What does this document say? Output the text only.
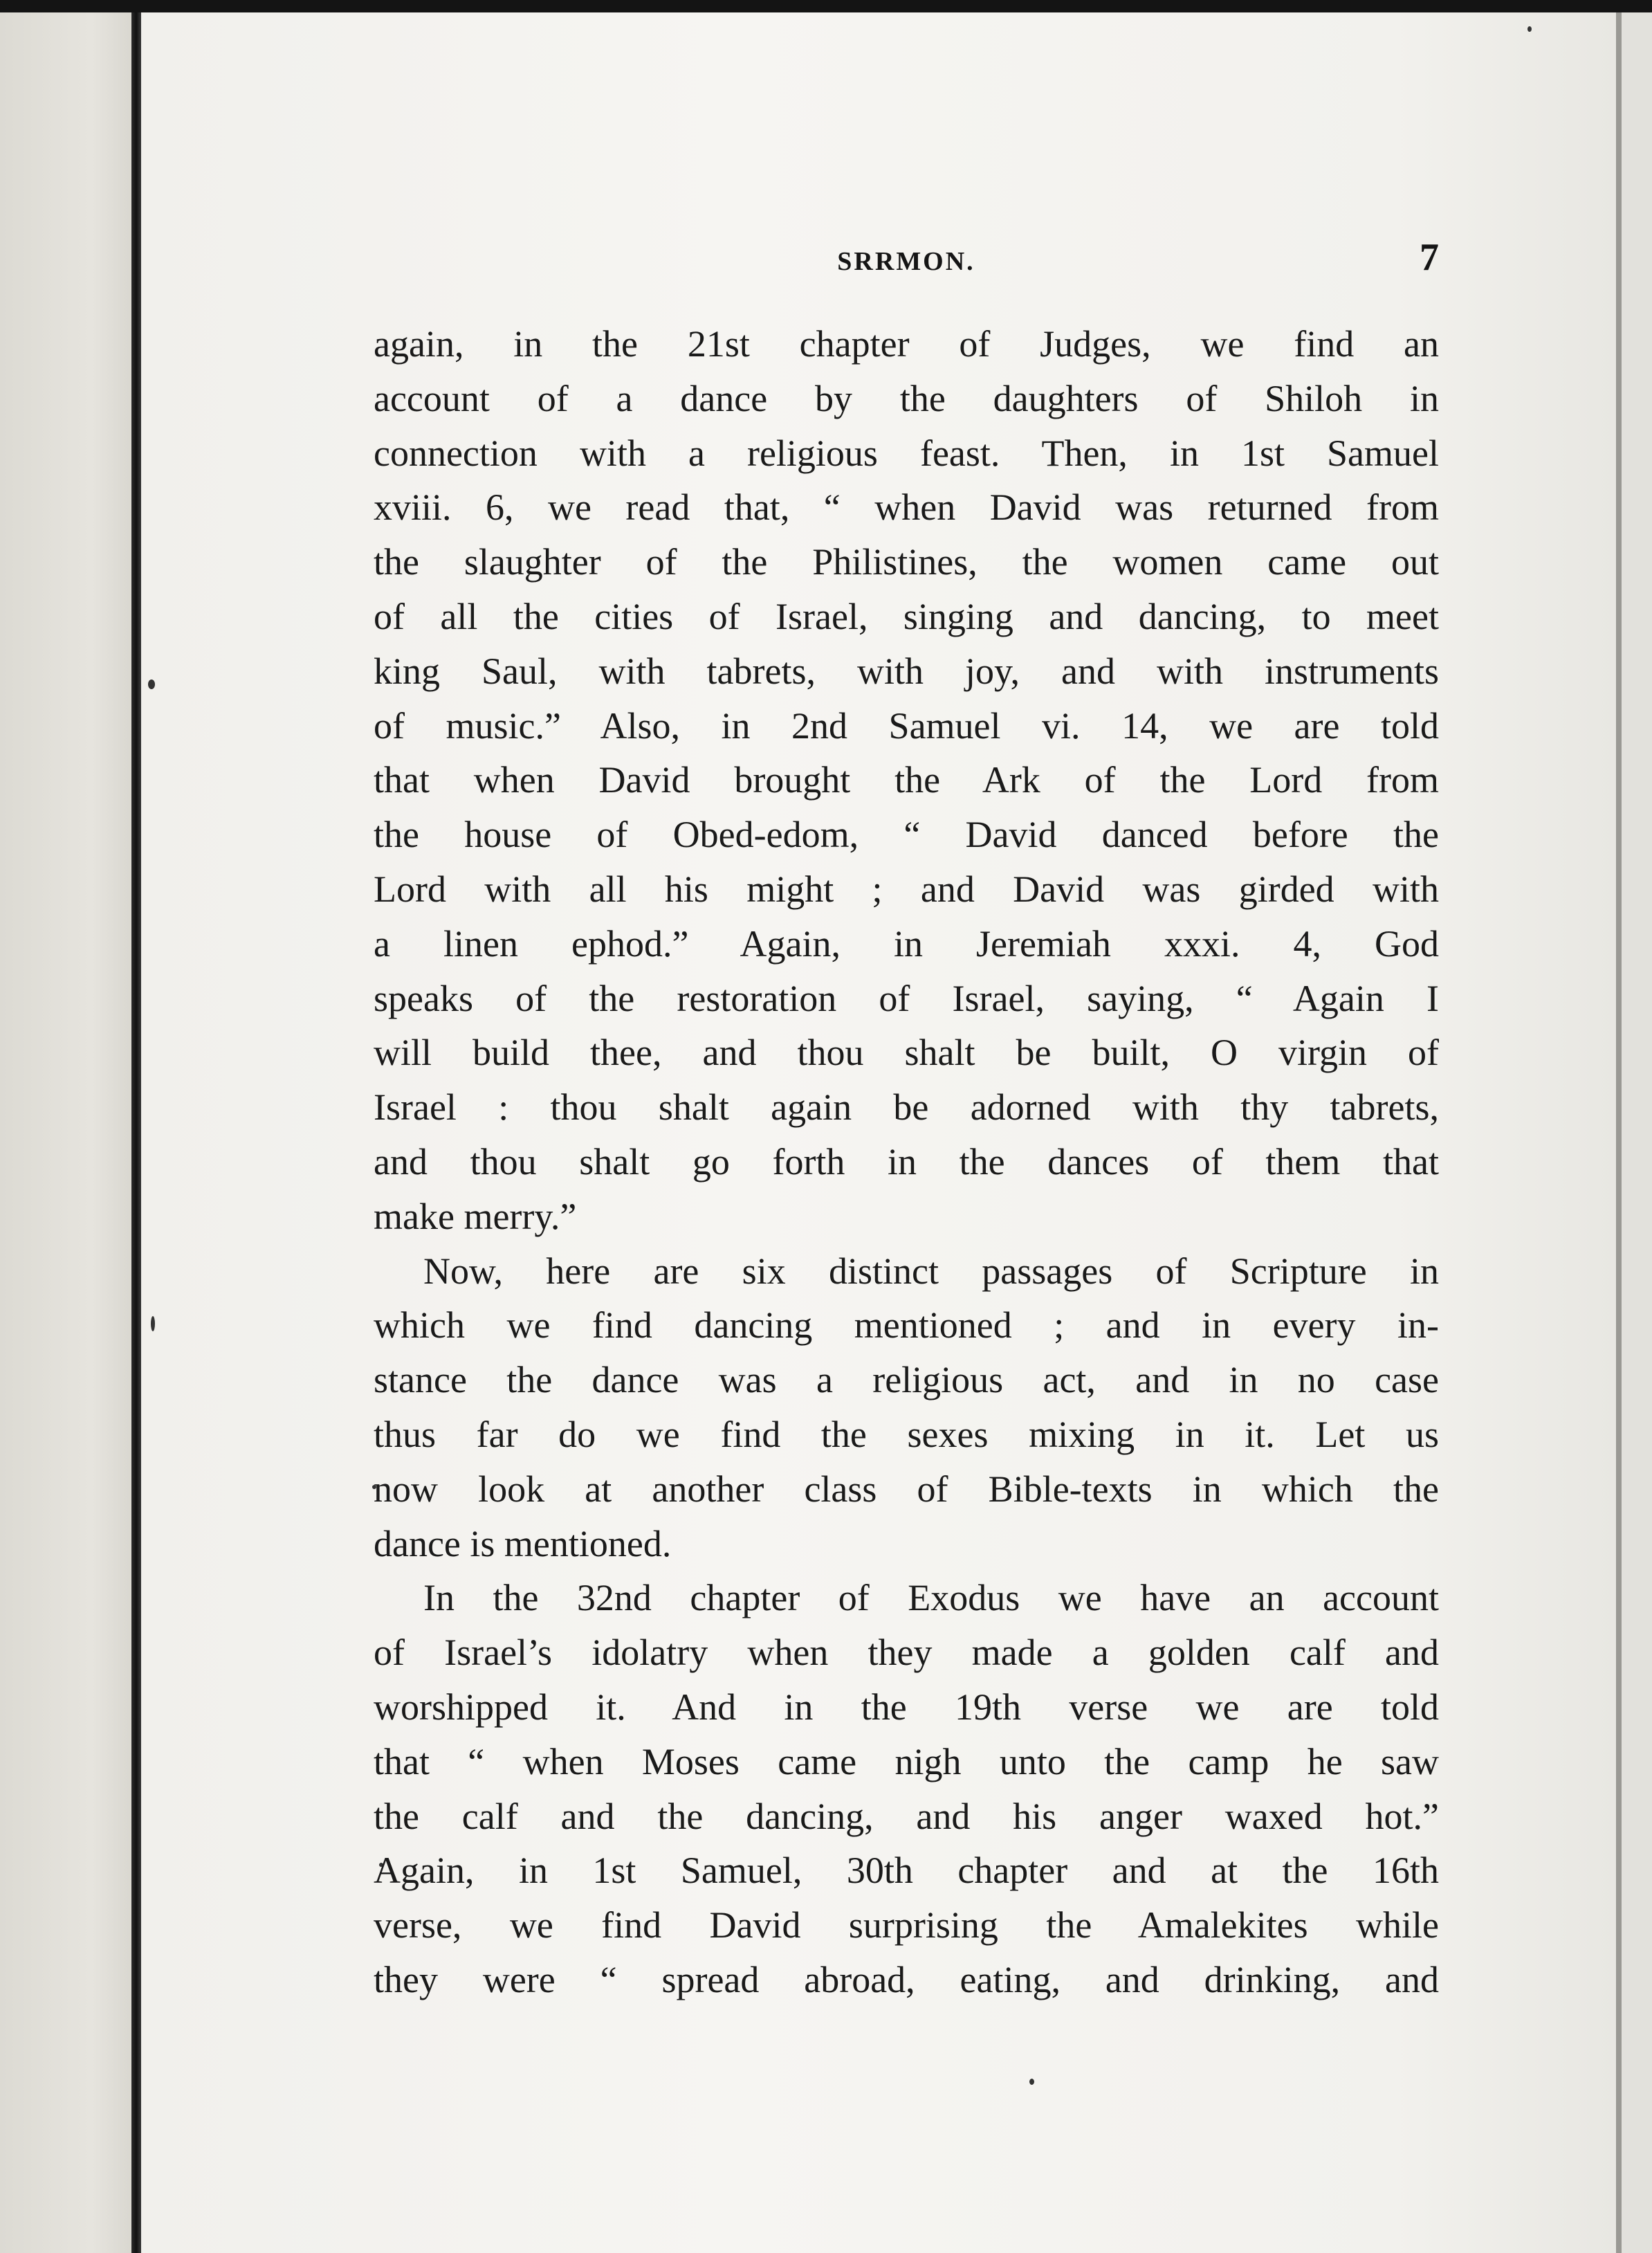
SRRMON.	7
again, in the 21st chapter of Judges, we find an
account of a dance by the daughters of Shiloh in
connection with a religious feast. Then, in 1st Samuel
xviii. 6, we read that, “ when David was returned from
the slaughter of the Philistines, the women came out
of all the cities of Israel, singing and dancing, to meet
king Saul, with tabrets, with joy, and with instruments
of music.” Also, in 2nd Samuel vi. 14, we are told
that when David brought the Ark of the Lord from
the house of Obed-edom, “ David danced before the
Lord with all his might ; and David was girded with
a linen ephod.” Again, in Jeremiah xxxi. 4, God
speaks of the restoration of Israel, saying, “ Again I
will build thee, and thou shalt be built, O virgin of
Israel : thou shalt again be adorned with thy tabrets,
and thou shalt go forth in the dances of them that
make merry.”
Now, here are six distinct passages of Scripture in
which we find dancing mentioned ; and in every in-
stance the dance was a religious act, and in no case
thus far do we find the sexes mixing in it. Let us
now look at another class of Bible-texts in which the
dance is mentioned.
In the 32nd chapter of Exodus we have an account
of Israel’s idolatry when they made a golden calf and
worshipped it. And in the 19th verse we are told
that “ when Moses came nigh unto the camp he saw
the calf and the dancing, and his anger waxed hot.”
Again, in 1st Samuel, 30th chapter and at the 16th
verse, we find David surprising the Amalekites while
they were “ spread abroad, eating, and drinking, and
